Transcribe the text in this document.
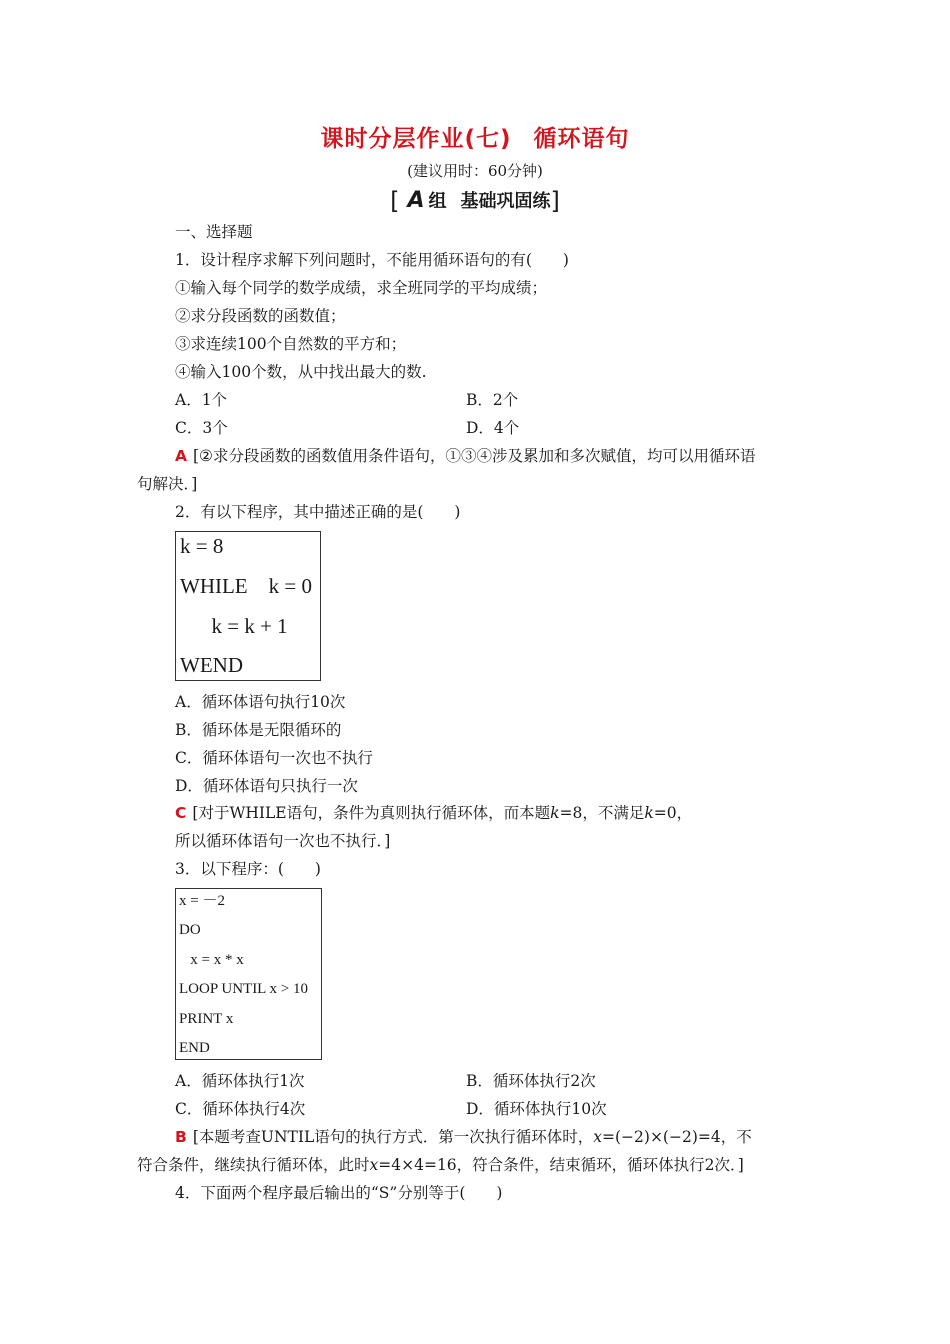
课时分层作业(七) 循环语句
(建议用时：60分钟)
[ A 组 基础巩固练]
一、选择题
1．设计程序求解下列问题时，不能用循环语句的有(　　)
①输入每个同学的数学成绩，求全班同学的平均成绩；
②求分段函数的函数值；
③求连续100个自然数的平方和；
④输入100个数，从中找出最大的数.
A．1个	B．2个
C．3个	D．4个
A [②求分段函数的函数值用条件语句，①③④涉及累加和多次赋值，均可以用循环语
句解决．]
2．有以下程序，其中描述正确的是(　　)
k = 8
WHILE    k = 0
k = k + 1
WEND
A．循环体语句执行10次
B．循环体是无限循环的
C．循环体语句一次也不执行
D．循环体语句只执行一次
C [对于WHILE语句，条件为真则执行循环体，而本题k=8，不满足k=0，
所以循环体语句一次也不执行．]
3．以下程序：(　　)
x = －2
DO
x = x * x
LOOP UNTIL x > 10
PRINT x
END
A．循环体执行1次	B．循环体执行2次
C．循环体执行4次	D．循环体执行10次
B [本题考查UNTIL语句的执行方式．第一次执行循环体时，x=(−2)×(−2)=4，不
符合条件，继续执行循环体，此时x=4×4=16，符合条件，结束循环，循环体执行2次．]
4．下面两个程序最后输出的“S”分别等于(　　)
